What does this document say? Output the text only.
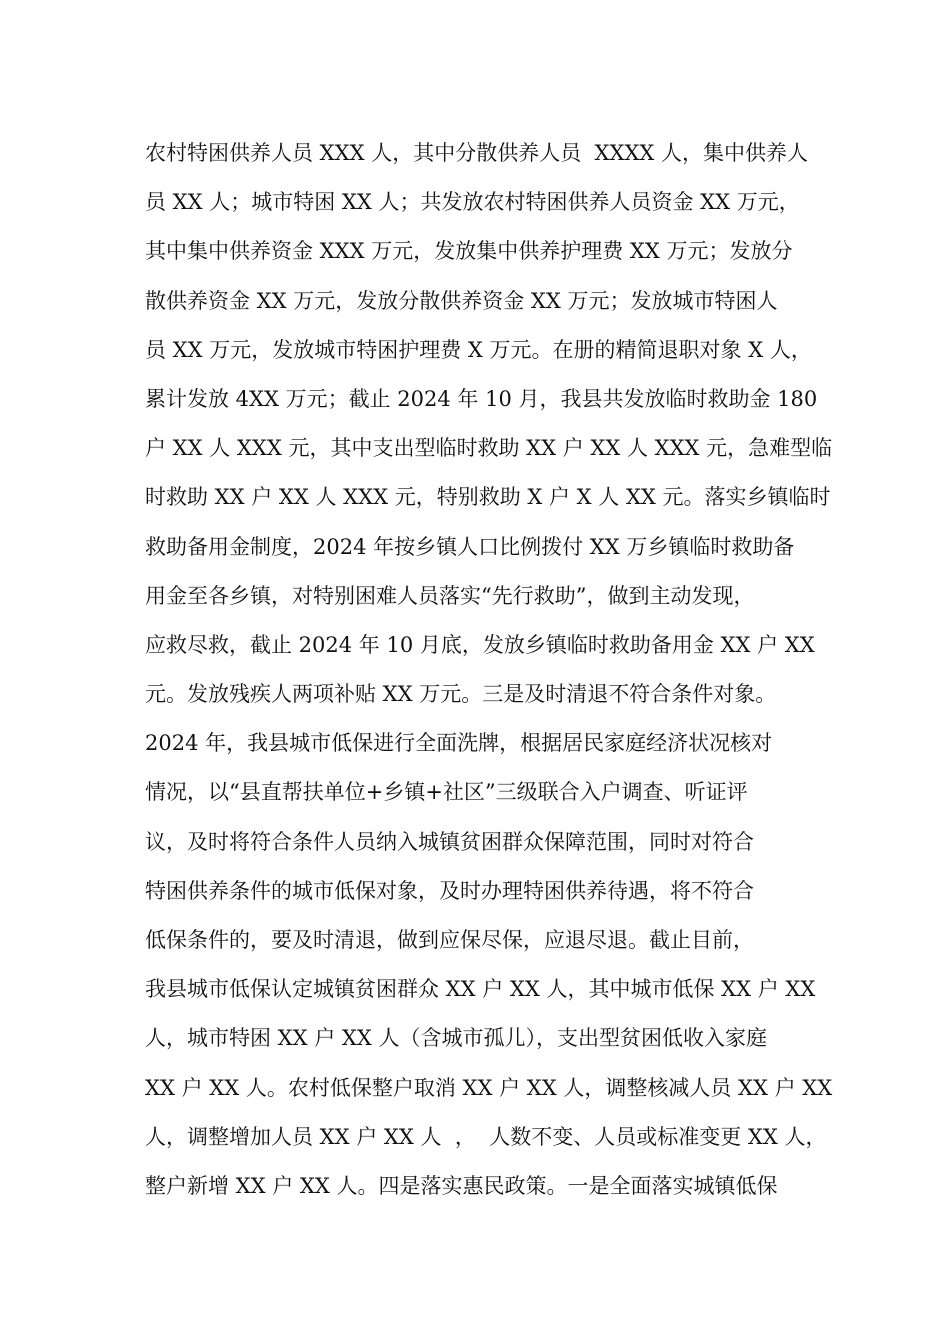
农村特困供养人员 XXX 人，其中分散供养人员  XXXX 人，集中供养人
员 XX 人；城市特困 XX 人；共发放农村特困供养人员资金 XX 万元，
其中集中供养资金 XXX 万元，发放集中供养护理费 XX 万元；发放分
散供养资金 XX 万元，发放分散供养资金 XX 万元；发放城市特困人
员 XX 万元，发放城市特困护理费 X 万元。在册的精简退职对象 X 人，
累计发放 4XX 万元；截止 2024 年 10 月，我县共发放临时救助金 180
户 XX 人 XXX 元，其中支出型临时救助 XX 户 XX 人 XXX 元，急难型临
时救助 XX 户 XX 人 XXX 元，特别救助 X 户 X 人 XX 元。落实乡镇临时
救助备用金制度，2024 年按乡镇人口比例拨付 XX 万乡镇临时救助备
用金至各乡镇，对特别困难人员落实“先行救助”，做到主动发现，
应救尽救，截止 2024 年 10 月底，发放乡镇临时救助备用金 XX 户 XX
元。发放残疾人两项补贴 XX 万元。三是及时清退不符合条件对象。
2024 年，我县城市低保进行全面洗牌，根据居民家庭经济状况核对
情况，以“县直帮扶单位+乡镇+社区”三级联合入户调查、听证评
议，及时将符合条件人员纳入城镇贫困群众保障范围，同时对符合
特困供养条件的城市低保对象，及时办理特困供养待遇，将不符合
低保条件的，要及时清退，做到应保尽保，应退尽退。截止目前，
我县城市低保认定城镇贫困群众 XX 户 XX 人，其中城市低保 XX 户 XX
人，城市特困 XX 户 XX 人（含城市孤儿），支出型贫困低收入家庭
XX 户 XX 人。农村低保整户取消 XX 户 XX 人，调整核减人员 XX 户 XX
人，调整增加人员 XX 户 XX 人  ，  人数不变、人员或标准变更 XX 人，
整户新增 XX 户 XX 人。四是落实惠民政策。一是全面落实城镇低保
